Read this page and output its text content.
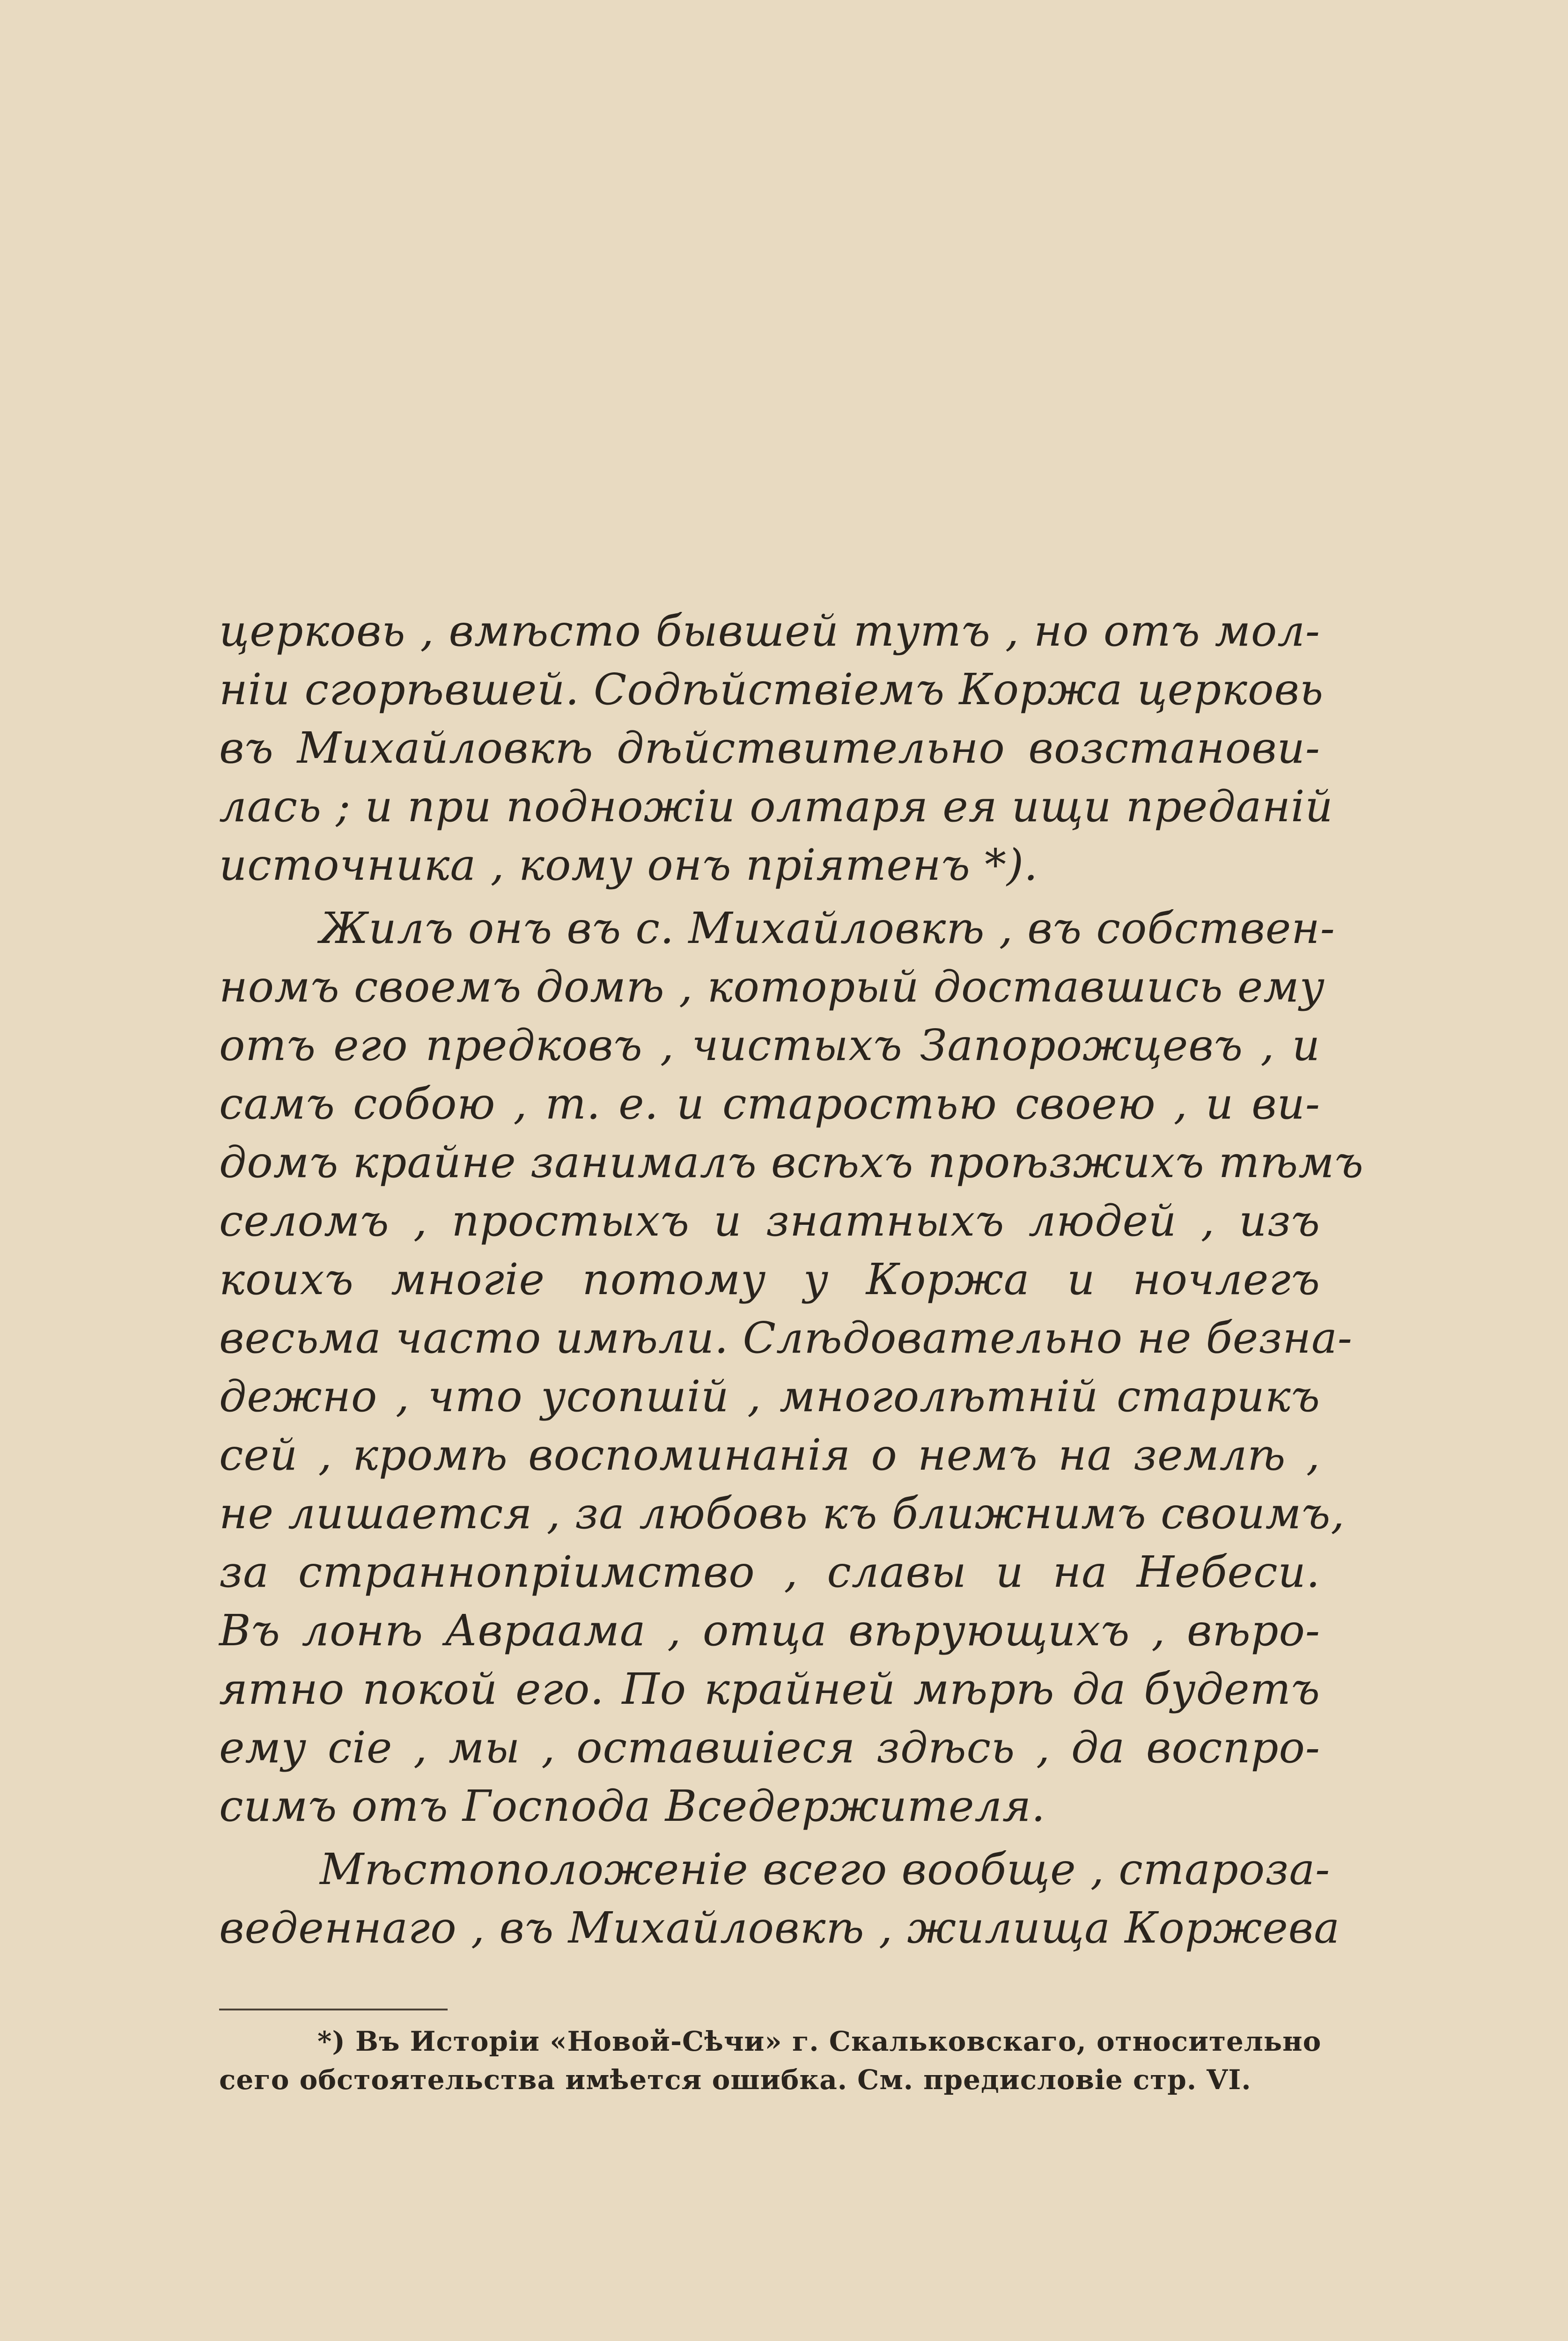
церковь , вмѣсто бывшей тутъ , но отъ мол-
ніи сгорѣвшей. Содѣйствіемъ Коржа церковь
въ Михайловкѣ дѣйствительно возстанови-
лась ; и при подножіи олтаря ея ищи преданій
источника , кому онъ пріятенъ *).
Жилъ онъ въ с. Михайловкѣ , въ собствен-
номъ своемъ домѣ , который доставшись ему
отъ его предковъ , чистыхъ Запорожцевъ , и
самъ собою , т. е. и старостью своею , и ви-
домъ крайне занималъ всѣхъ проѣзжихъ тѣмъ
селомъ , простыхъ и знатныхъ людей , изъ
коихъ многіе потому у Коржа и ночлегъ
весьма часто имѣли. Слѣдовательно не безна-
дежно , что усопшій , многолѣтній старикъ
сей , кромѣ воспоминанія о немъ на землѣ ,
не лишается , за любовь къ ближнимъ своимъ,
за страннопріимство , славы и на Небеси.
Въ лонѣ Авраама , отца вѣрующихъ , вѣро-
ятно покой его. По крайней мѣрѣ да будетъ
ему сіе , мы , оставшіеся здѣсь , да воспро-
симъ отъ Господа Вседержителя.
Мѣстоположеніе всего вообще , староза-
веденнаго , въ Михайловкѣ , жилища Коржева
*) Въ Исторіи «Новой-Сѣчи» г. Скальковскаго, относительно
сего обстоятельства имѣется ошибка. См. предисловіе стр. VI.
